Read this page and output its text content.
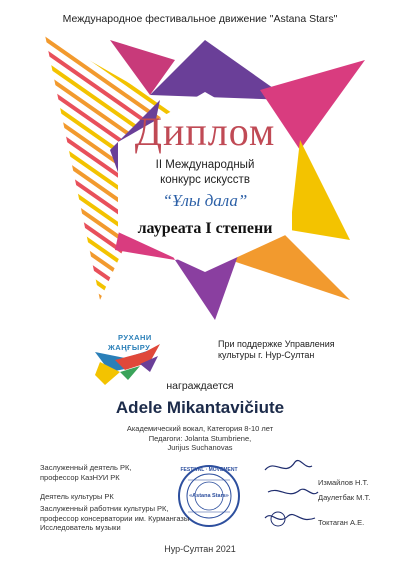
Международное фестивальное движение "Astana Stars"
Диплом
II Международный
конкурс искусств
“Ұлы дала”
лауреата I степени
РУХАНИ
ЖАҢҒЫРУ	При поддержке Управления
культуры г. Нур-Султан
награждается
Adele Mikantavičiute
Академический вокал, Категория 8-10 лет
Педагоги: Jolanta Stumbriene,
Jurijus Suchanovas
Заслуженный деятель РК,
профессор КазНУИ РК
Деятель культуры РК
Заслуженный работник культуры РК,
профессор консерватории им. Курмангазы
Исследователь музыки
Измайлов Н.Т.
Даулетбак М.Т.
Токтаган А.Е.
FESTIVAL · MOVEMENT
«Astana Stars»
Нур-Султан 2021
